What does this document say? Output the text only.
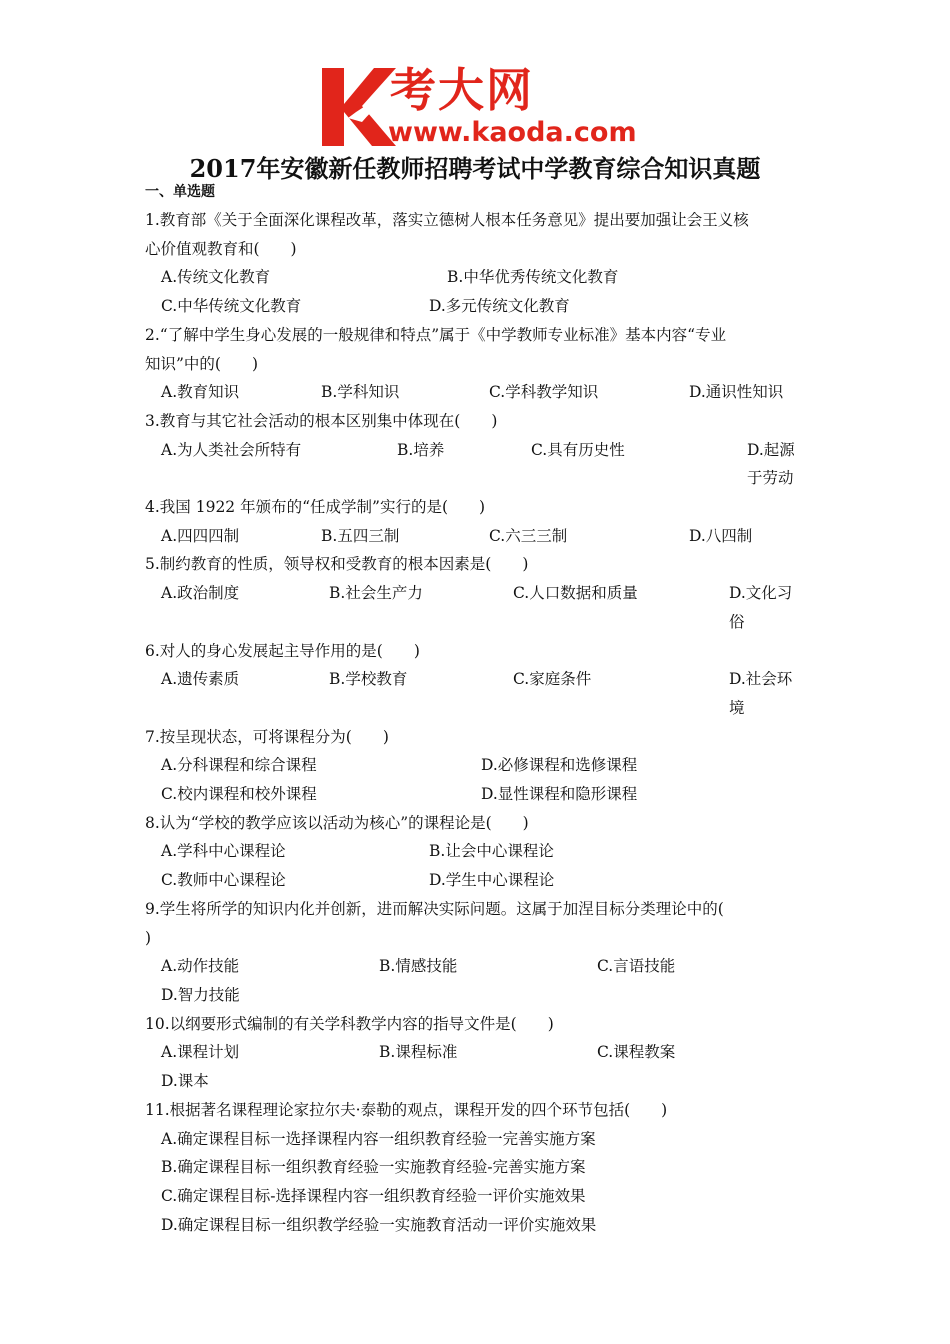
考大网
www.kaoda.com
2017年安徽新任教师招聘考试中学教育综合知识真题
一、单选题
1.教育部《关于全面深化课程改革，落实立德树人根本任务意见》提出要加强让会王义核
心价值观教育和(　　)
A.传统文化教育	B.中华优秀传统文化教育
C.中华传统文化教育	D.多元传统文化教育
2.“了解中学生身心发展的一般规律和特点”属于《中学教师专业标准》基本内容“专业
知识”中的(　　)
A.教育知识	B.学科知识	C.学科教学知识	D.通识性知识
3.教育与其它社会活动的根本区别集中体现在(　　)
A.为人类社会所特有	B.培养	C.具有历史性	D.起源于劳动
4.我国 1922 年颁布的“任成学制”实行的是(　　)
A.四四四制	B.五四三制	C.六三三制	D.八四制
5.制约教育的性质，领导权和受教育的根本因素是(　　)
A.政治制度	B.社会生产力	C.人口数据和质量	D.文化习俗
6.对人的身心发展起主导作用的是(　　)
A.遗传素质	B.学校教育	C.家庭条件	D.社会环境
7.按呈现状态，可将课程分为(　　)
A.分科课程和综合课程	D.必修课程和选修课程
C.校内课程和校外课程	D.显性课程和隐形课程
8.认为“学校的教学应该以活动为核心”的课程论是(　　)
A.学科中心课程论	B.让会中心课程论
C.教师中心课程论	D.学生中心课程论
9.学生将所学的知识内化并创新，进而解决实际问题。这属于加涅目标分类理论中的(
)
A.动作技能	B.情感技能	C.言语技能
D.智力技能
10.以纲要形式编制的有关学科教学内容的指导文件是(　　)
A.课程计划	B.课程标准	C.课程教案
D.课本
11.根据著名课程理论家拉尔夫·泰勒的观点，课程开发的四个环节包括(　　)
A.确定课程目标一选择课程内容一组织教育经验一完善实施方案
B.确定课程目标一组织教育经验一实施教育经验-完善实施方案
C.确定课程目标-选择课程内容一组织教育经验一评价实施效果
D.确定课程目标一组织教学经验一实施教育活动一评价实施效果
